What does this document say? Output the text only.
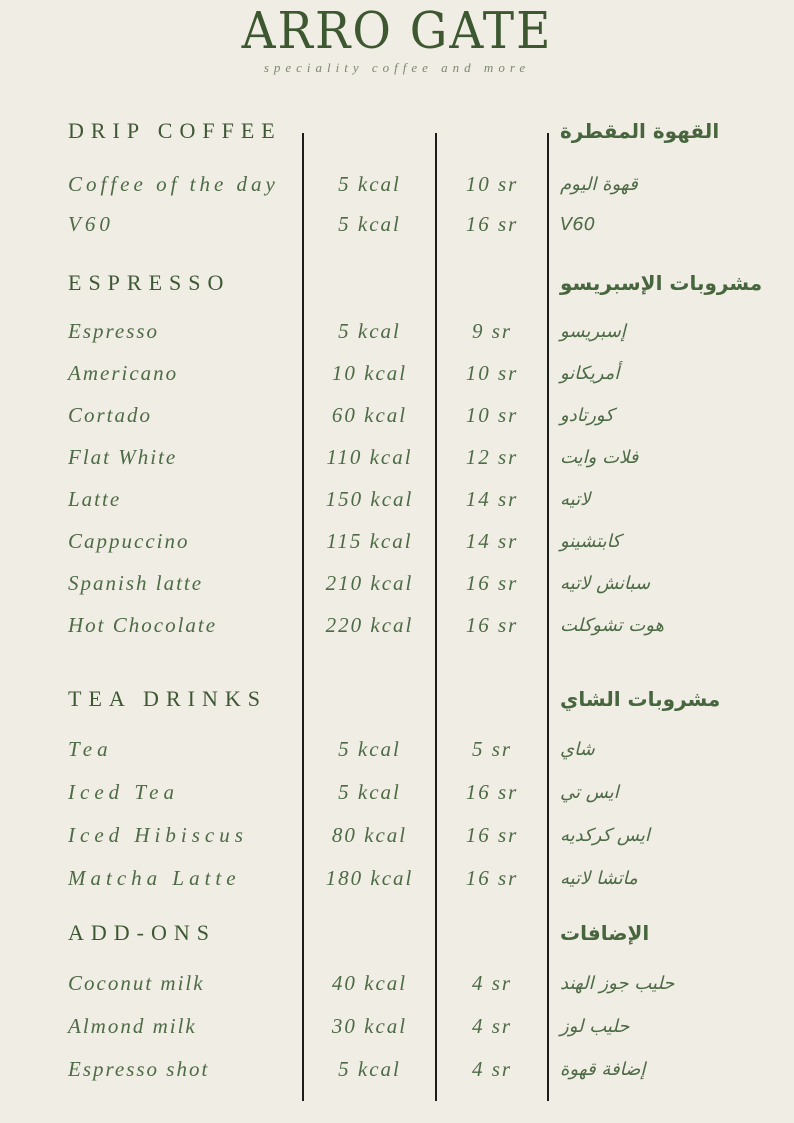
ARRO GATE
speciality coffee and more
DRIP COFFEE	القهوة المقطرة
Coffee of the day	5 kcal	10 sr	قهوة اليوم
V60	5 kcal	16 sr	V60
ESPRESSO	مشروبات الإسبريسو
Espresso	5 kcal	9 sr	إسبريسو
Americano	10 kcal	10 sr	أمريكانو
Cortado	60 kcal	10 sr	كورتادو
Flat White	110 kcal	12 sr	فلات وايت
Latte	150 kcal	14 sr	لاتيه
Cappuccino	115 kcal	14 sr	كابتشينو
Spanish latte	210 kcal	16 sr	سبانش لاتيه
Hot Chocolate	220 kcal	16 sr	هوت تشوكلت
TEA DRINKS	مشروبات الشاي
Tea	5 kcal	5 sr	شاي
Iced Tea	5 kcal	16 sr	ايس تي
Iced Hibiscus	80 kcal	16 sr	ايس كركديه
Matcha Latte	180 kcal	16 sr	ماتشا لاتيه
ADD-ONS	الإضافات
Coconut milk	40 kcal	4 sr	حليب جوز الهند
Almond milk	30 kcal	4 sr	حليب لوز
Espresso shot	5 kcal	4 sr	إضافة قهوة
